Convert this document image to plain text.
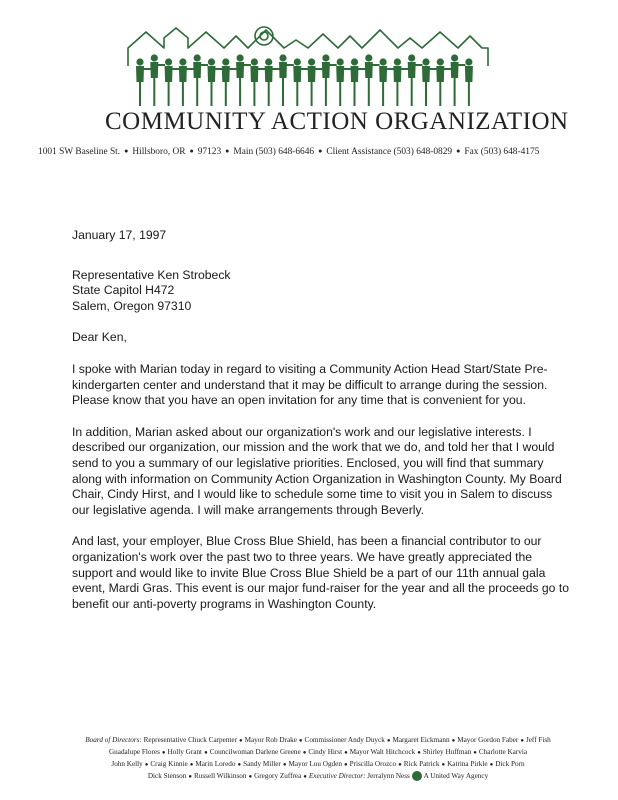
COMMUNITY ACTION ORGANIZATION
1001 SW Baseline St. ● Hillsboro, OR ● 97123 ● Main (503) 648-6646 ● Client Assistance (503) 648-0829 ● Fax (503) 648-4175

January 17, 1997

Representative Ken Strobeck

State Capitol H472

Salem, Oregon 97310

Dear Ken,

I spoke with Marian today in regard to visiting a Community Action Head Start/State Pre-kindergarten center and understand that it may be difficult to arrange during the session. Please know that you have an open invitation for any time that is convenient for you.

In addition, Marian asked about our organization's work and our legislative interests. I described our organization, our mission and the work that we do, and told her that I would send to you a summary of our legislative priorities. Enclosed, you will find that summary along with information on Community Action Organization in Washington County. My Board Chair, Cindy Hirst, and I would like to schedule some time to visit you in Salem to discuss our legislative agenda. I will make arrangements through Beverly.

And last, your employer, Blue Cross Blue Shield, has been a financial contributor to our organization's work over the past two to three years. We have greatly appreciated the support and would like to invite Blue Cross Blue Shield be a part of our 11th annual gala event, Mardi Gras. This event is our major fund-raiser for the year and all the proceeds go to benefit our anti-poverty programs in Washington County.

Board of Directors: Representative Chuck Carpenter ● Mayor Rob Drake ● Commissioner Andy Duyck ● Margaret Eickmann ● Mayor Gordon Faber ● Jeff Fish
Guadalupe Flores ● Holly Grant ● Councilwoman Darlene Greene ● Cindy Hirst ● Mayor Walt Hitchcock ● Shirley Huffman ● Charlotte Karvia
John Kelly ● Craig Kinnie ● Marin Loredo ● Sandy Miller ● Mayor Lou Ogden ● Priscilla Orozco ● Rick Patrick ● Katrina Pirkle ● Dick Porn
Dick Stenson ● Russell Wilkinson ● Gregory Zuffrea ● Executive Director: Jerralynn Ness A United Way Agency
